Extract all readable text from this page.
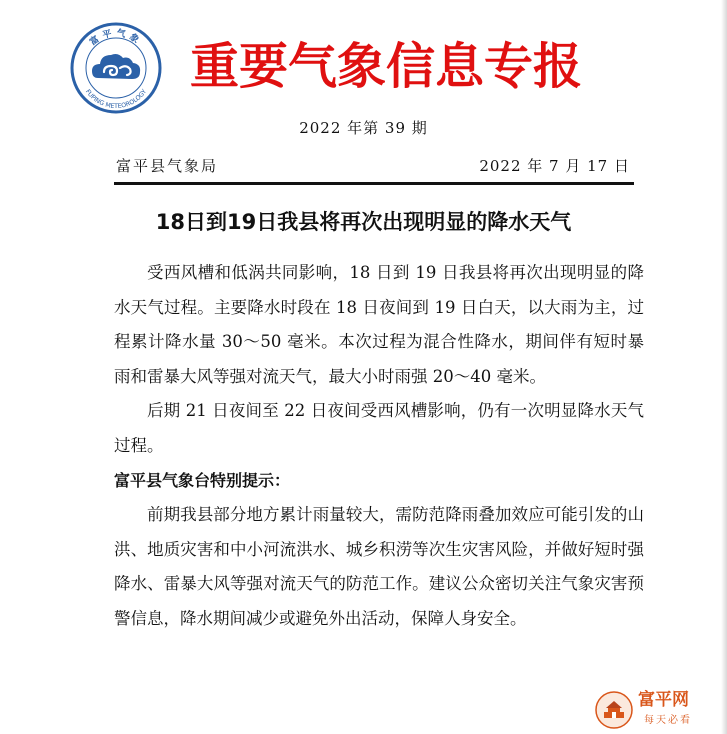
富平气象
FUPING METEOROLOGY 重要气象信息专报
2022 年第 39 期
富平县气象局	2022 年 7 月 17 日
18日到19日我县将再次出现明显的降水天气

受西风槽和低涡共同影响，18 日到 19 日我县将再次出现明显的降水天气过程。主要降水时段在 18 日夜间到 19 日白天，以大雨为主，过程累计降水量 30～50 毫米。本次过程为混合性降水，期间伴有短时暴雨和雷暴大风等强对流天气，最大小时雨强 20～40 毫米。

后期 21 日夜间至 22 日夜间受西风槽影响，仍有一次明显降水天气过程。

富平县气象台特别提示：

前期我县部分地方累计雨量较大，需防范降雨叠加效应可能引发的山洪、地质灾害和中小河流洪水、城乡积涝等次生灾害风险，并做好短时强降水、雷暴大风等强对流天气的防范工作。建议公众密切关注气象灾害预警信息，降水期间减少或避免外出活动，保障人身安全。

富平网
每天必看
